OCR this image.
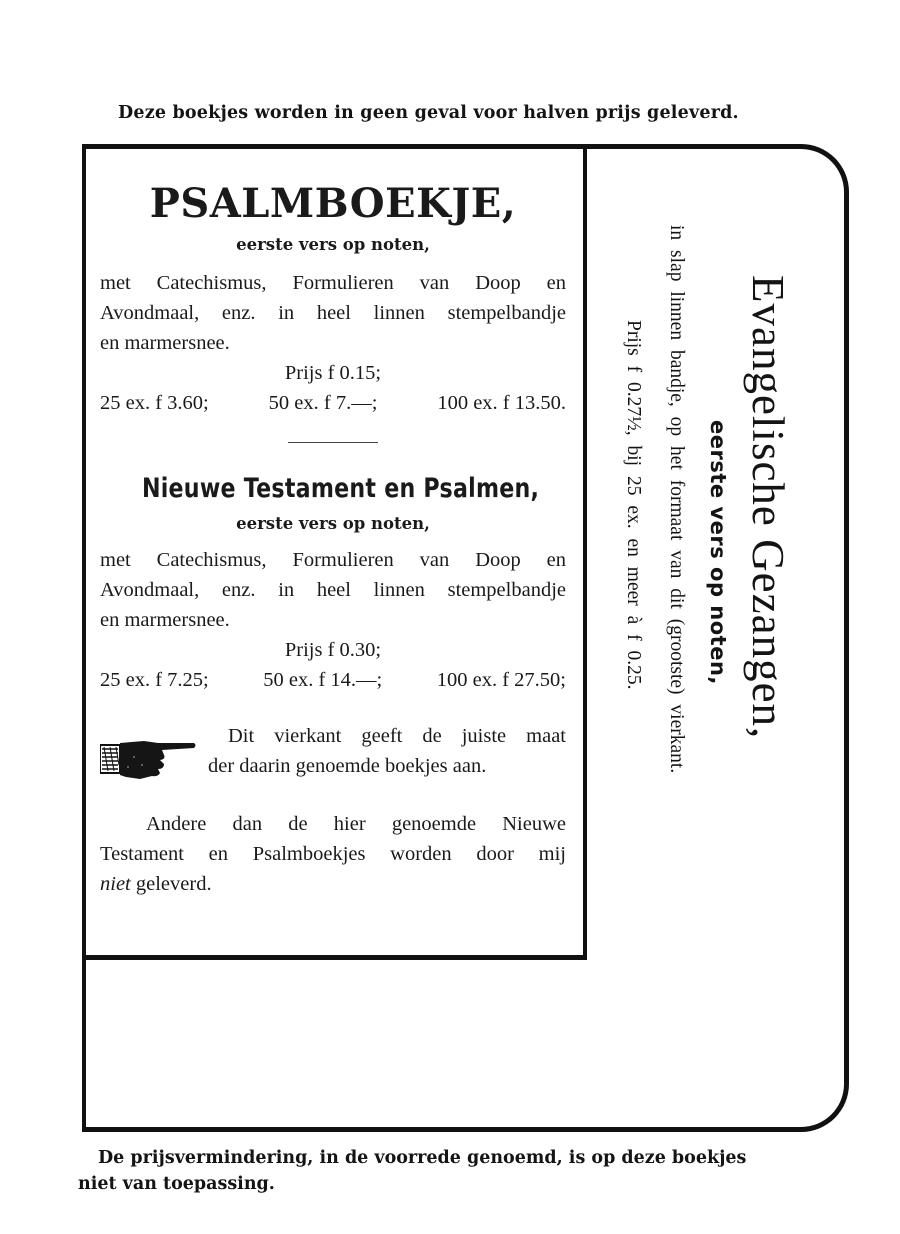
Deze boekjes worden in geen geval voor halven prijs geleverd.
PSALMBOEKJE,
eerste vers op noten,
met Catechismus, Formulieren van Doop en
Avondmaal, enz. in heel linnen stempelbandje
en marmersnee.
Prijs f 0.15;
25 ex. f 3.60;	50 ex. f 7.—;	100 ex. f 13.50.
Nieuwe Testament en Psalmen,
eerste vers op noten,
met Catechismus, Formulieren van Doop en
Avondmaal, enz. in heel linnen stempelbandje
en marmersnee.
Prijs f 0.30;
25 ex. f 7.25;	50 ex. f 14.—;	100 ex. f 27.50;
Dit vierkant geeft de juiste maat
der daarin genoemde boekjes aan.
Andere dan de hier genoemde Nieuwe
Testament en Psalmboekjes worden door mij
niet geleverd.
Evangelische Gezangen,
eerste vers op noten,
in slap linnen bandje, op het formaat van dit (grootste) vierkant.
Prijs f 0.27½, bij 25 ex. en meer à f 0.25.
De prijsvermindering, in de voorrede genoemd, is op deze boekjes
niet van toepassing.
